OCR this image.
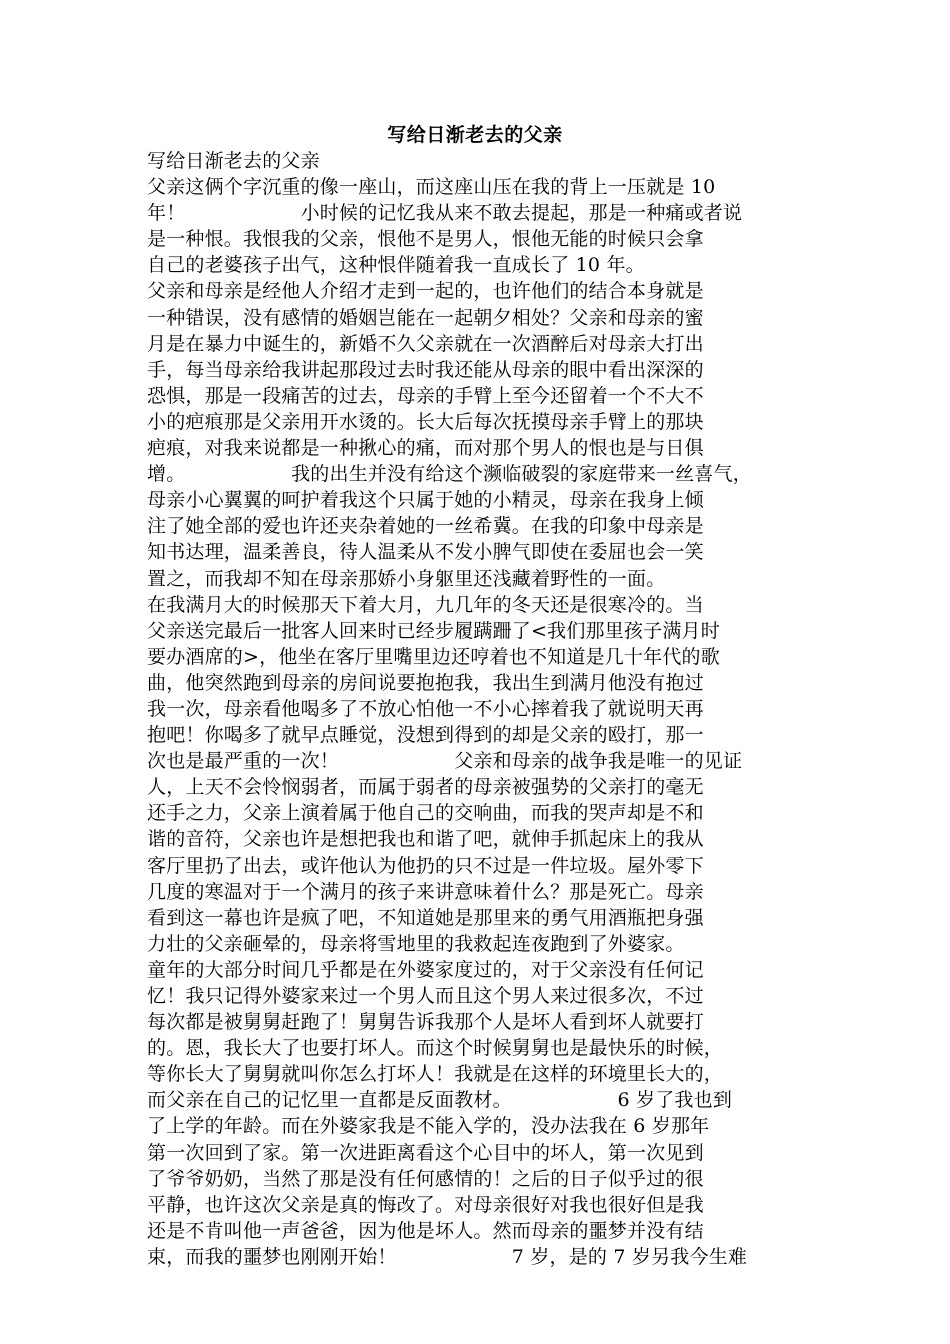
写给日渐老去的父亲
写给日渐老去的父亲
父亲这俩个字沉重的像一座山，而这座山压在我的背上一压就是 10
年！　　　　　　小时候的记忆我从来不敢去提起，那是一种痛或者说
是一种恨。我恨我的父亲，恨他不是男人，恨他无能的时候只会拿
自己的老婆孩子出气，这种恨伴随着我一直成长了 10 年。
父亲和母亲是经他人介绍才走到一起的，也许他们的结合本身就是
一种错误，没有感情的婚姻岂能在一起朝夕相处？父亲和母亲的蜜
月是在暴力中诞生的，新婚不久父亲就在一次酒醉后对母亲大打出
手，每当母亲给我讲起那段过去时我还能从母亲的眼中看出深深的
恐惧，那是一段痛苦的过去，母亲的手臂上至今还留着一个不大不
小的疤痕那是父亲用开水烫的。长大后每次抚摸母亲手臂上的那块
疤痕，对我来说都是一种揪心的痛，而对那个男人的恨也是与日俱
增。　　　　　　我的出生并没有给这个濒临破裂的家庭带来一丝喜气，
母亲小心翼翼的呵护着我这个只属于她的小精灵，母亲在我身上倾
注了她全部的爱也许还夹杂着她的一丝希冀。在我的印象中母亲是
知书达理，温柔善良，待人温柔从不发小脾气即使在委屈也会一笑
置之，而我却不知在母亲那娇小身躯里还浅藏着野性的一面。
在我满月大的时候那天下着大月，九几年的冬天还是很寒冷的。当
父亲送完最后一批客人回来时已经步履蹒跚了<我们那里孩子满月时
要办酒席的>，他坐在客厅里嘴里边还哼着也不知道是几十年代的歌
曲，他突然跑到母亲的房间说要抱抱我，我出生到满月他没有抱过
我一次，母亲看他喝多了不放心怕他一不小心摔着我了就说明天再
抱吧！你喝多了就早点睡觉，没想到得到的却是父亲的殴打，那一
次也是最严重的一次！　　　　　　父亲和母亲的战争我是唯一的见证
人，上天不会怜悯弱者，而属于弱者的母亲被强势的父亲打的毫无
还手之力，父亲上演着属于他自己的交响曲，而我的哭声却是不和
谐的音符，父亲也许是想把我也和谐了吧，就伸手抓起床上的我从
客厅里扔了出去，或许他认为他扔的只不过是一件垃圾。屋外零下
几度的寒温对于一个满月的孩子来讲意味着什么？那是死亡。母亲
看到这一幕也许是疯了吧，不知道她是那里来的勇气用酒瓶把身强
力壮的父亲砸晕的，母亲将雪地里的我救起连夜跑到了外婆家。
童年的大部分时间几乎都是在外婆家度过的，对于父亲没有任何记
忆！我只记得外婆家来过一个男人而且这个男人来过很多次，不过
每次都是被舅舅赶跑了！舅舅告诉我那个人是坏人看到坏人就要打
的。恩，我长大了也要打坏人。而这个时候舅舅也是最快乐的时候，
等你长大了舅舅就叫你怎么打坏人！我就是在这样的环境里长大的，
而父亲在自己的记忆里一直都是反面教材。　　　　　　6 岁了我也到
了上学的年龄。而在外婆家我是不能入学的，没办法我在 6 岁那年
第一次回到了家。第一次进距离看这个心目中的坏人，第一次见到
了爷爷奶奶，当然了那是没有任何感情的！之后的日子似乎过的很
平静，也许这次父亲是真的悔改了。对母亲很好对我也很好但是我
还是不肯叫他一声爸爸，因为他是坏人。然而母亲的噩梦并没有结
束，而我的噩梦也刚刚开始！　　　　　　7 岁，是的 7 岁另我今生难
